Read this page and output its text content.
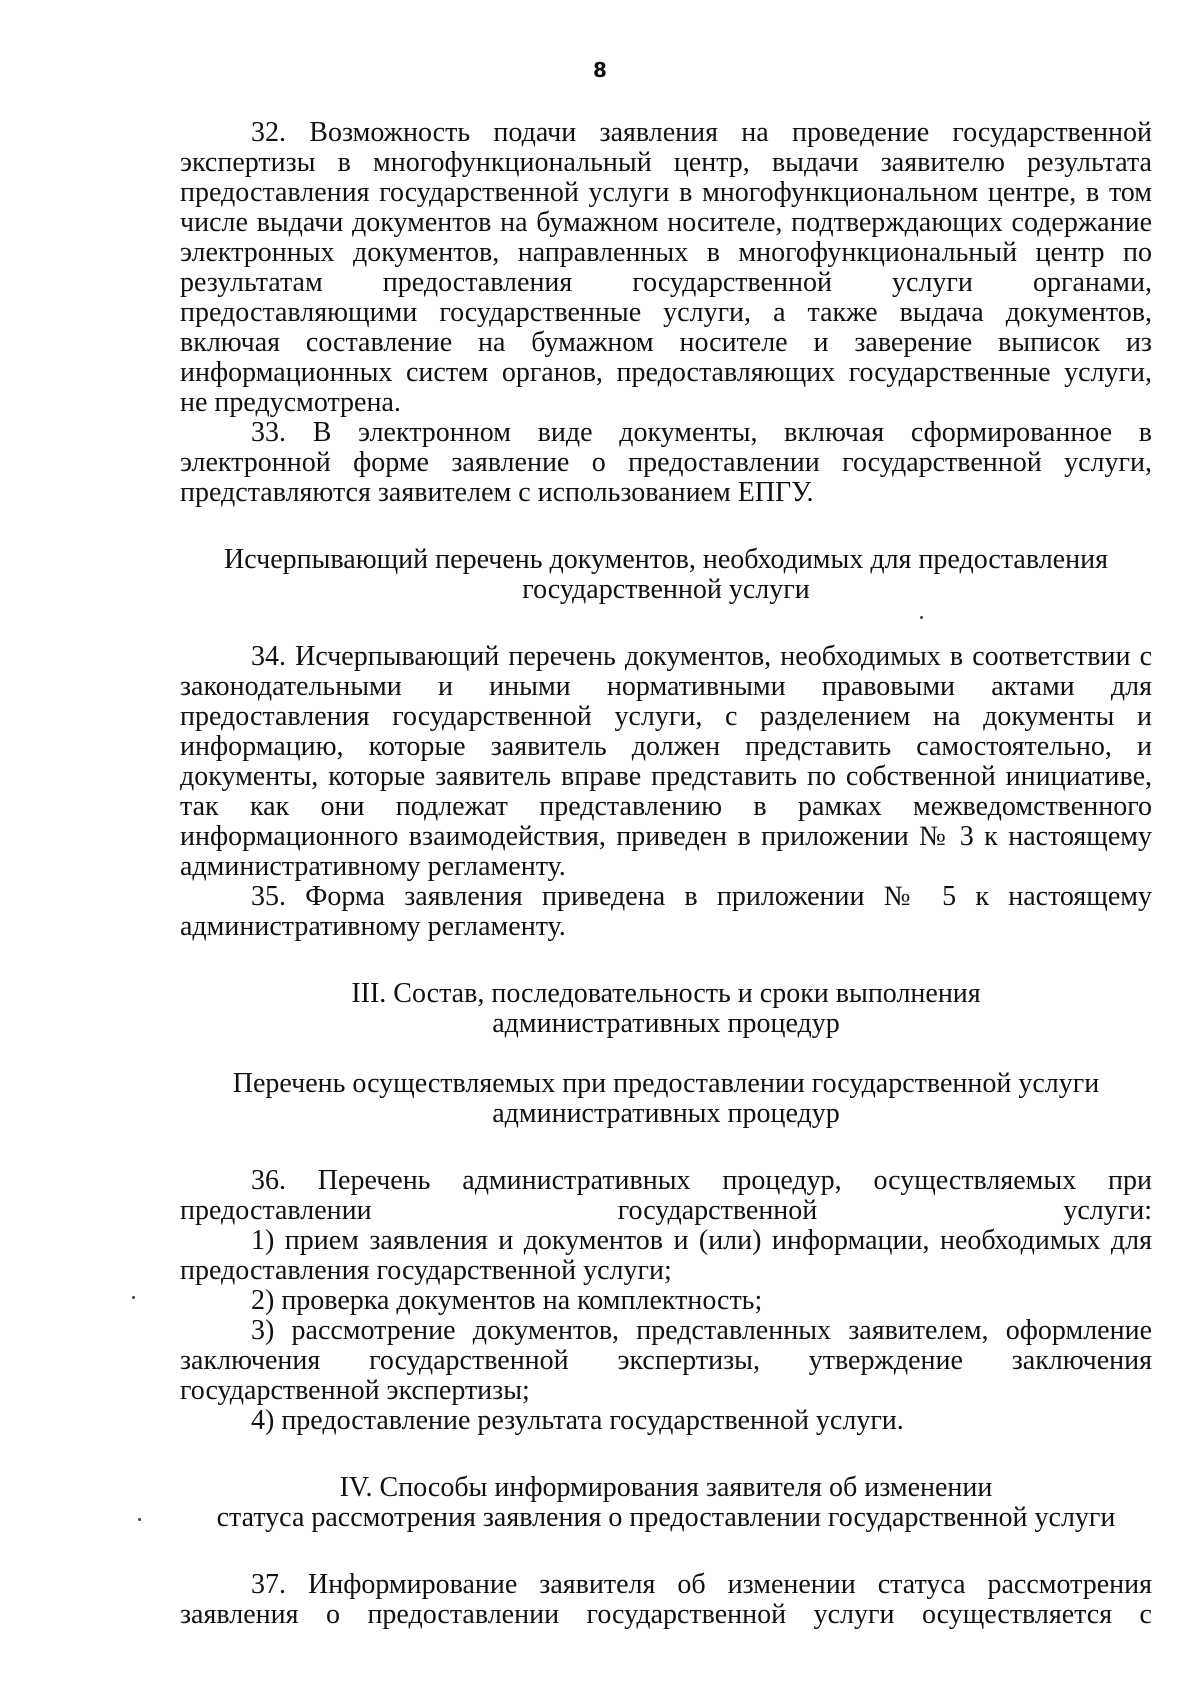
8

32. Возможность подачи заявления на проведение государственной экспертизы в многофункциональный центр, выдачи заявителю результата предоставления государственной услуги в многофункциональном центре, в том числе выдачи документов на бумажном носителе, подтверждающих содержание электронных документов, направленных в многофункциональный центр по результатам предоставления государственной услуги органами, предоставляющими государственные услуги, а также выдача документов, включая составление на бумажном носителе и заверение выписок из информационных систем органов, предоставляющих государственные услуги, не предусмотрена.

33. В электронном виде документы, включая сформированное в электронной форме заявление о предоставлении государственной услуги, представляются заявителем с использованием ЕПГУ.

Исчерпывающий перечень документов, необходимых для предоставления

государственной услуги

34. Исчерпывающий перечень документов, необходимых в соответствии с законодательными и иными нормативными правовыми актами для предоставления государственной услуги, с разделением на документы и информацию, которые заявитель должен представить самостоятельно, и документы, которые заявитель вправе представить по собственной инициативе, так как они подлежат представлению в рамках межведомственного информационного взаимодействия, приведен в приложении № 3 к настоящему административному регламенту.

35. Форма заявления приведена в приложении № 5 к настоящему административному регламенту.

III. Состав, последовательность и сроки выполнения

административных процедур

Перечень осуществляемых при предоставлении государственной услуги

административных процедур

36. Перечень административных процедур, осуществляемых при предоставлении государственной услуги:

1) прием заявления и документов и (или) информации, необходимых для предоставления государственной услуги;

2) проверка документов на комплектность;

3) рассмотрение документов, представленных заявителем, оформление заключения государственной экспертизы, утверждение заключения государственной экспертизы;

4) предоставление результата государственной услуги.

IV. Способы информирования заявителя об изменении

статуса рассмотрения заявления о предоставлении государственной услуги

37. Информирование заявителя об изменении статуса рассмотрения заявления о предоставлении государственной услуги осуществляется с
